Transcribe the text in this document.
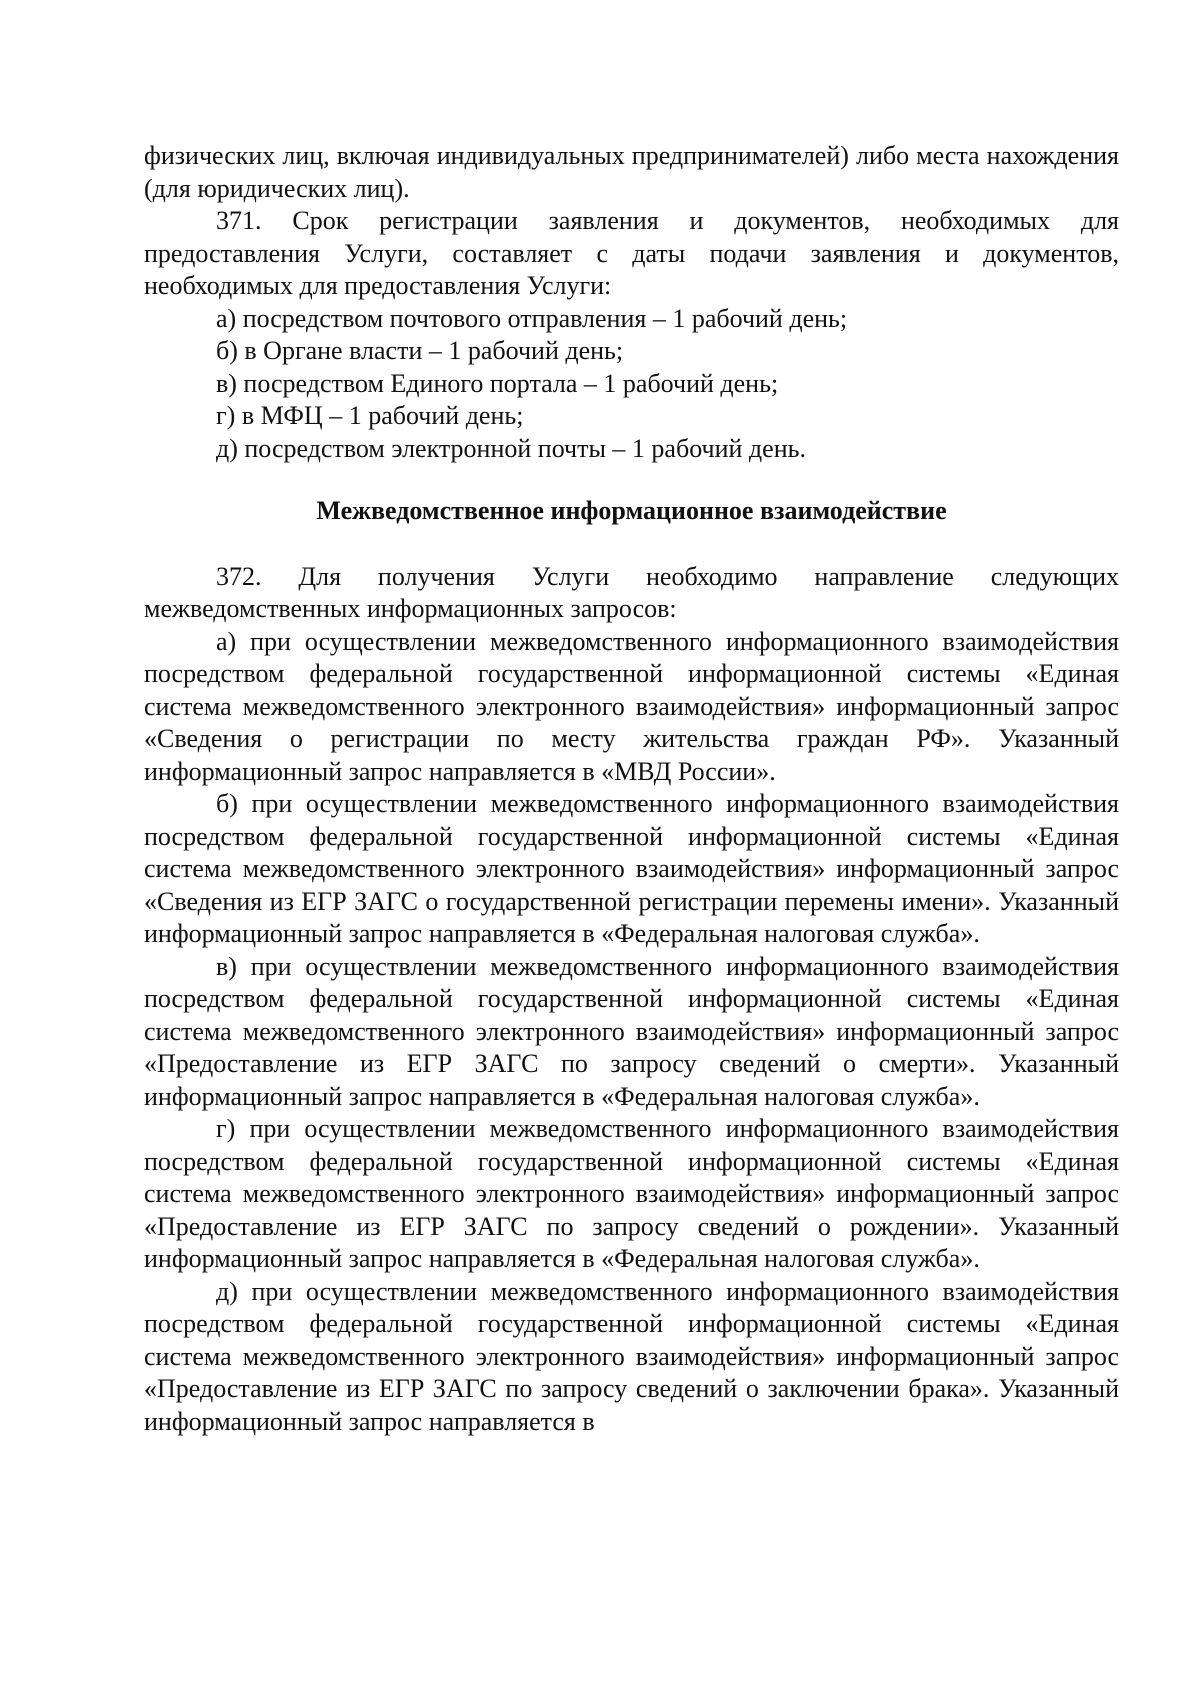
физических лиц, включая индивидуальных предпринимателей) либо места нахождения (для юридических лиц).

371. Срок регистрации заявления и документов, необходимых для предоставления Услуги, составляет с даты подачи заявления и документов, необходимых для предоставления Услуги:

а) посредством почтового отправления – 1 рабочий день;

б) в Органе власти – 1 рабочий день;

в) посредством Единого портала – 1 рабочий день;

г) в МФЦ – 1 рабочий день;

д) посредством электронной почты – 1 рабочий день.

Межведомственное информационное взаимодействие

372. Для получения Услуги необходимо направление следующих межведомственных информационных запросов:

а) при осуществлении межведомственного информационного взаимодействия посредством федеральной государственной информационной системы «Единая система межведомственного электронного взаимодействия» информационный запрос «Сведения о регистрации по месту жительства граждан РФ». Указанный информационный запрос направляется в «МВД России».

б) при осуществлении межведомственного информационного взаимодействия посредством федеральной государственной информационной системы «Единая система межведомственного электронного взаимодействия» информационный запрос «Сведения из ЕГР ЗАГС о государственной регистрации перемены имени». Указанный информационный запрос направляется в «Федеральная налоговая служба».

в) при осуществлении межведомственного информационного взаимодействия посредством федеральной государственной информационной системы «Единая система межведомственного электронного взаимодействия» информационный запрос «Предоставление из ЕГР ЗАГС по запросу сведений о смерти». Указанный информационный запрос направляется в «Федеральная налоговая служба».

г) при осуществлении межведомственного информационного взаимодействия посредством федеральной государственной информационной системы «Единая система межведомственного электронного взаимодействия» информационный запрос «Предоставление из ЕГР ЗАГС по запросу сведений о рождении». Указанный информационный запрос направляется в «Федеральная налоговая служба».

д) при осуществлении межведомственного информационного взаимодействия посредством федеральной государственной информационной системы «Единая система межведомственного электронного взаимодействия» информационный запрос «Предоставление из ЕГР ЗАГС по запросу сведений о заключении брака». Указанный информационный запрос направляется в
